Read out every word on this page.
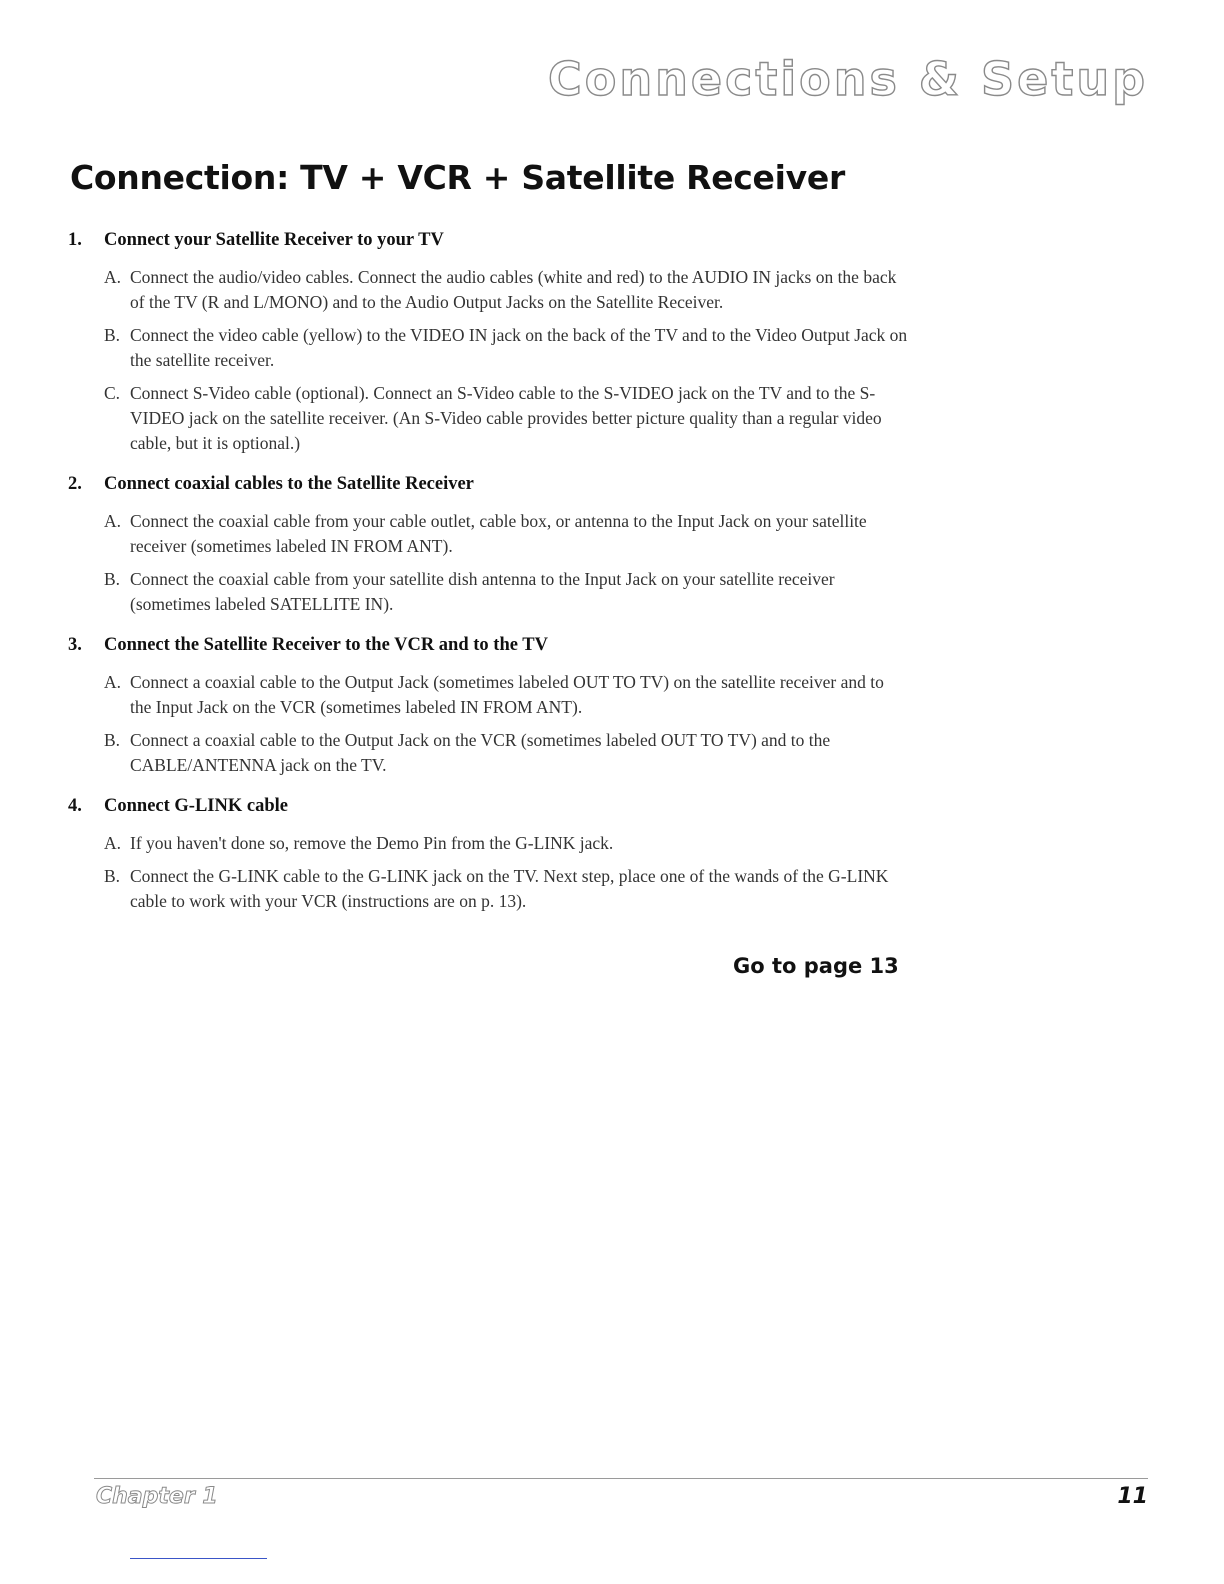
Connections & Setup
Connection: TV + VCR + Satellite Receiver
1.	Connect your Satellite Receiver to your TV
A. Connect the audio/video cables. Connect the audio cables (white and red) to the AUDIO IN jacks on the back of the TV (R and L/MONO) and to the Audio Output Jacks on the Satellite Receiver.
B. Connect the video cable (yellow) to the VIDEO IN jack on the back of the TV and to the Video Output Jack on the satellite receiver.
C. Connect S-Video cable (optional). Connect an S-Video cable to the S-VIDEO jack on the TV and to the S-VIDEO jack on the satellite receiver. (An S-Video cable provides better picture quality than a regular video cable, but it is optional.)
2.	Connect coaxial cables to the Satellite Receiver
A. Connect the coaxial cable from your cable outlet, cable box, or antenna to the Input Jack on your satellite receiver (sometimes labeled IN FROM ANT).
B. Connect the coaxial cable from your satellite dish antenna to the Input Jack on your satellite receiver (sometimes labeled SATELLITE IN).
3.	Connect the Satellite Receiver to the VCR and to the TV
A. Connect a coaxial cable to the Output Jack (sometimes labeled OUT TO TV) on the satellite receiver and to the Input Jack on the VCR (sometimes labeled IN FROM ANT).
B. Connect a coaxial cable to the Output Jack on the VCR (sometimes labeled OUT TO TV) and to the CABLE/ANTENNA jack on the TV.
4.	Connect G-LINK cable
A. If you haven't done so, remove the Demo Pin from the G-LINK jack.
B. Connect the G-LINK cable to the G-LINK jack on the TV. Next step, place one of the wands of the G-LINK cable to work with your VCR (instructions are on p. 13).
Go to page 13
Chapter 1	11
